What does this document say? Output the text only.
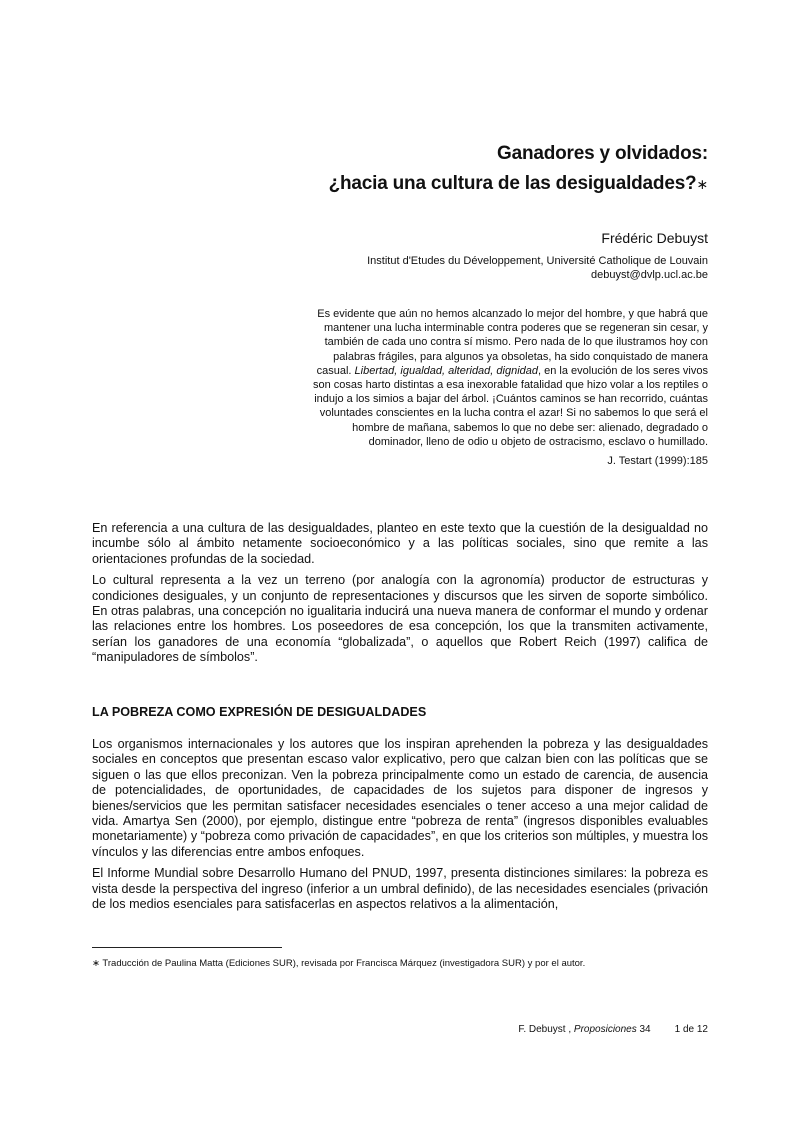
Ganadores y olvidados:
¿hacia una cultura de las desigualdades?∗
Frédéric Debuyst
Institut d'Etudes du Développement, Université Catholique de Louvain
debuyst@dvlp.ucl.ac.be
Es evidente que aún no hemos alcanzado lo mejor del hombre, y que habrá que
mantener una lucha interminable contra poderes que se regeneran sin cesar, y
también de cada uno contra sí mismo. Pero nada de lo que ilustramos hoy con
palabras frágiles, para algunos ya obsoletas, ha sido conquistado de manera
casual. Libertad, igualdad, alteridad, dignidad, en la evolución de los seres vivos
son cosas harto distintas a esa inexorable fatalidad que hizo volar a los reptiles o
indujo a los simios a bajar del árbol. ¡Cuántos caminos se han recorrido, cuántas
voluntades conscientes en la lucha contra el azar! Si no sabemos lo que será el
hombre de mañana, sabemos lo que no debe ser: alienado, degradado o
dominador, lleno de odio u objeto de ostracismo, esclavo o humillado.
J. Testart (1999):185

En referencia a una cultura de las desigualdades, planteo en este texto que la cuestión de la desigualdad no incumbe sólo al ámbito netamente socioeconómico y a las políticas sociales, sino que remite a las orientaciones profundas de la sociedad.

Lo cultural representa a la vez un terreno (por analogía con la agronomía) productor de estructuras y condiciones desiguales, y un conjunto de representaciones y discursos que les sirven de soporte simbólico. En otras palabras, una concepción no igualitaria inducirá una nueva manera de conformar el mundo y ordenar las relaciones entre los hombres. Los poseedores de esa concepción, los que la transmiten activamente, serían los ganadores de una economía “globalizada”, o aquellos que Robert Reich (1997) califica de “manipuladores de símbolos”.

LA POBREZA COMO EXPRESIÓN DE DESIGUALDADES

Los organismos internacionales y los autores que los inspiran aprehenden la pobreza y las desigualdades sociales en conceptos que presentan escaso valor explicativo, pero que calzan bien con las políticas que se siguen o las que ellos preconizan. Ven la pobreza principalmente como un estado de carencia, de ausencia de potencialidades, de oportunidades, de capacidades de los sujetos para disponer de ingresos y bienes/servicios que les permitan satisfacer necesidades esenciales o tener acceso a una mejor calidad de vida. Amartya Sen (2000), por ejemplo, distingue entre “pobreza de renta” (ingresos disponibles evaluables monetariamente) y “pobreza como privación de capacidades”, en que los criterios son múltiples, y muestra los vínculos y las diferencias entre ambos enfoques.

El Informe Mundial sobre Desarrollo Humano del PNUD, 1997, presenta distinciones similares: la pobreza es vista desde la perspectiva del ingreso (inferior a un umbral definido), de las necesidades esenciales (privación de los medios esenciales para satisfacerlas en aspectos relativos a la alimentación,

∗ Traducción de Paulina Matta (Ediciones SUR), revisada por Francisca Márquez (investigadora SUR) y por el autor.
F. Debuyst , Proposiciones 34 1 de 12
